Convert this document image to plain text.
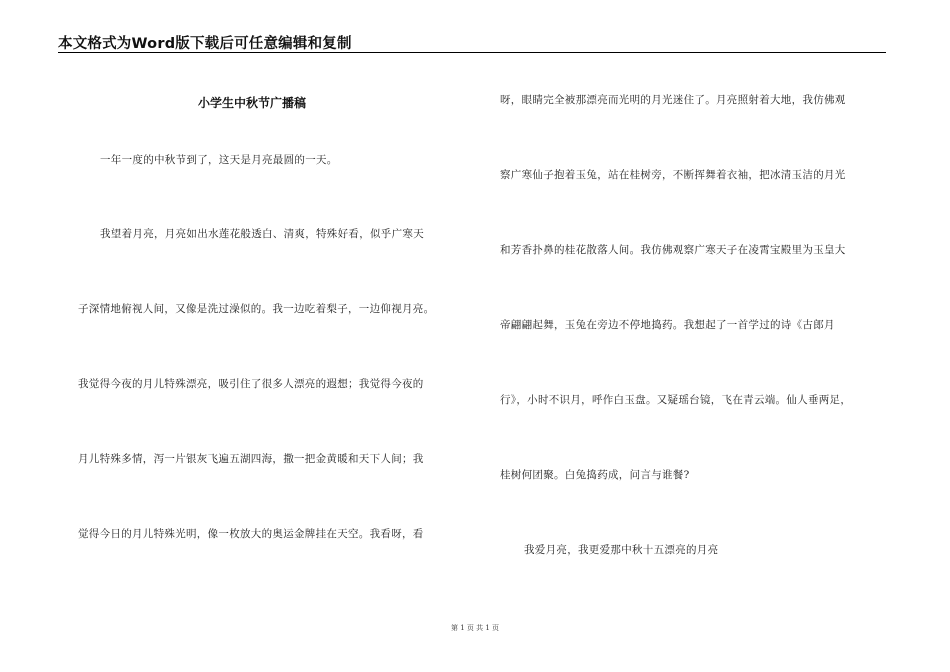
本文格式为Word版下载后可任意编辑和复制
小学生中秋节广播稿
一年一度的中秋节到了，这天是月亮最圆的一天。
我望着月亮，月亮如出水莲花般透白、清爽，特殊好看，似乎广寒天
子深情地俯视人间，又像是洗过澡似的。我一边吃着梨子，一边仰视月亮。
我觉得今夜的月儿特殊漂亮，吸引住了很多人漂亮的遐想；我觉得今夜的
月儿特殊多情，泻一片银灰飞遍五湖四海，撒一把金黄暖和天下人间；我
觉得今日的月儿特殊光明，像一枚放大的奥运金牌挂在天空。我看呀，看
呀，眼睛完全被那漂亮而光明的月光迷住了。月亮照射着大地，我仿佛观
察广寒仙子抱着玉兔，站在桂树旁，不断挥舞着衣袖，把冰清玉洁的月光
和芳香扑鼻的桂花散落人间。我仿佛观察广寒天子在凌霄宝殿里为玉皇大
帝翩翩起舞，玉兔在旁边不停地捣药。我想起了一首学过的诗《古郎月
行》，小时不识月，呼作白玉盘。又疑瑶台镜，飞在青云端。仙人垂两足，
桂树何团聚。白兔捣药成，问言与谁餐?
我爱月亮，我更爱那中秋十五漂亮的月亮
第 1 页 共 1 页
